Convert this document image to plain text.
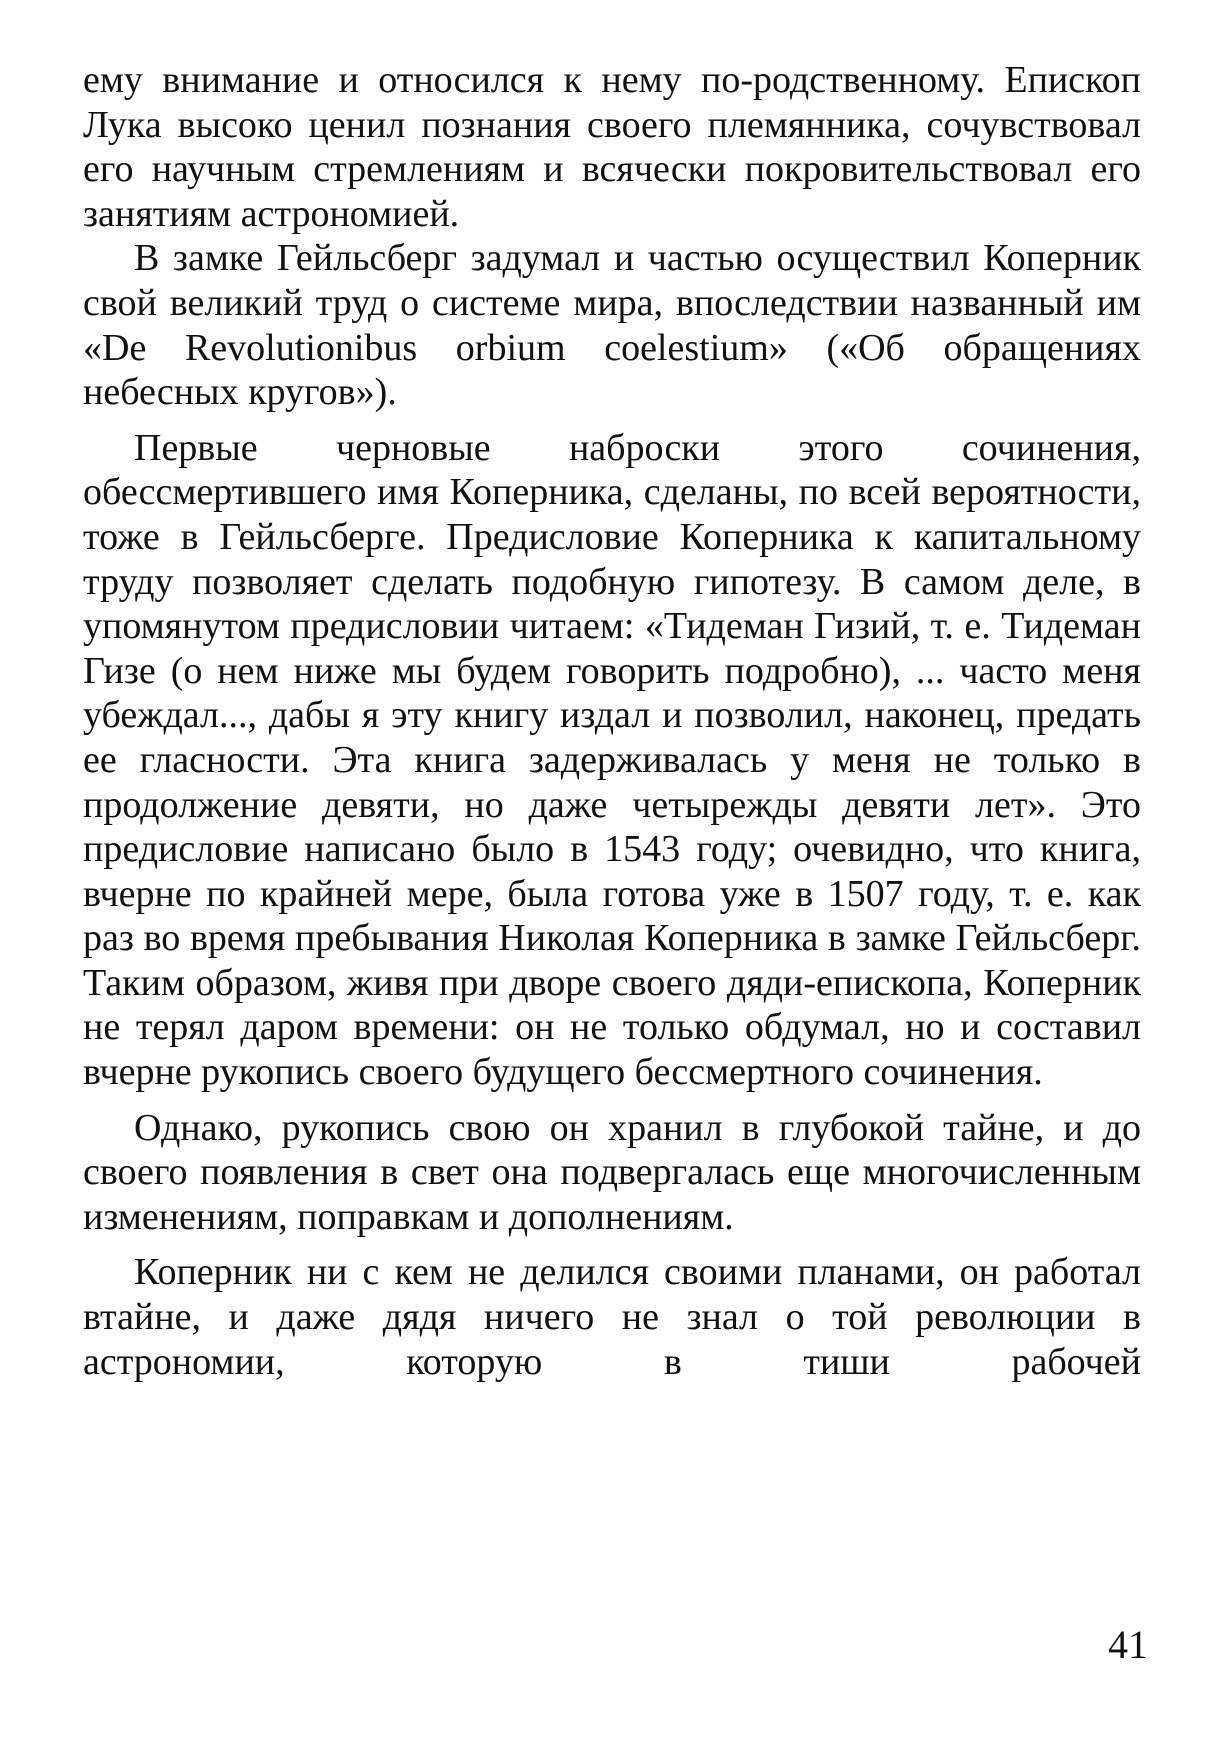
ему внимание и относился к нему по-родственному. Епископ Лука высоко ценил познания своего племянника, сочувствовал его научным стремлениям и всячески покровительствовал его занятиям астрономией.

В замке Гейльсберг задумал и частью осуществил Коперник свой великий труд о системе мира, впоследствии названный им «De Revolutionibus orbium coelestium» («Об обращениях небесных кругов»).

Первые черновые наброски этого сочинения, обессмертившего имя Коперника, сделаны, по всей вероятности, тоже в Гейльсберге. Предисловие Коперника к капитальному труду позволяет сделать подобную гипотезу. В самом деле, в упомянутом предисловии читаем: «Тидеман Гизий, т. е. Тидеман Гизе (о нем ниже мы будем говорить подробно), ... часто меня убеждал..., дабы я эту книгу издал и позволил, наконец, предать ее гласности. Эта книга задерживалась у меня не только в продолжение девяти, но даже четырежды девяти лет». Это предисловие написано было в 1543 году; очевидно, что книга, вчерне по крайней мере, была готова уже в 1507 году, т. е. как раз во время пребывания Николая Коперника в замке Гейльсберг. Таким образом, живя при дворе своего дяди-епископа, Коперник не терял даром времени: он не только обдумал, но и составил вчерне рукопись своего будущего бессмертного сочинения.

Однако, рукопись свою он хранил в глубокой тайне, и до своего появления в свет она подвергалась еще многочисленным изменениям, поправкам и дополнениям.

Коперник ни с кем не делился своими планами, он работал втайне, и даже дядя ничего не знал о той революции в астрономии, которую в тиши рабочей

41
